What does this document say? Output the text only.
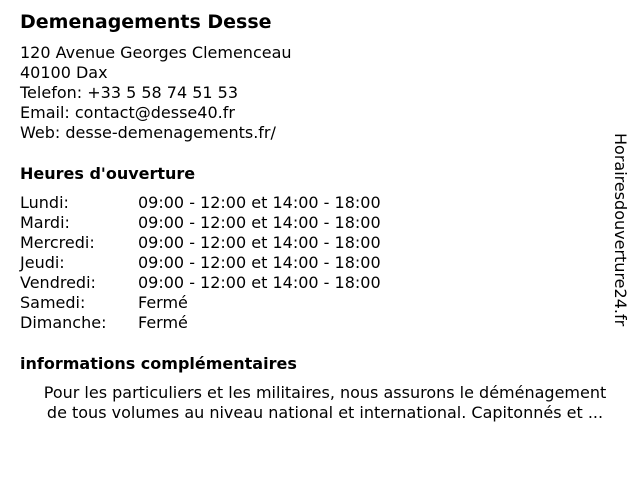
Demenagements Desse
120 Avenue Georges Clemenceau
40100 Dax
Telefon: +33 5 58 74 51 53
Email: contact@desse40.fr
Web: desse-demenagements.fr/
Heures d'ouverture
Lundi:	09:00 - 12:00 et 14:00 - 18:00
Mardi:	09:00 - 12:00 et 14:00 - 18:00
Mercredi:	09:00 - 12:00 et 14:00 - 18:00
Jeudi:	09:00 - 12:00 et 14:00 - 18:00
Vendredi:	09:00 - 12:00 et 14:00 - 18:00
Samedi:	Fermé
Dimanche:	Fermé
informations complémentaires
Pour les particuliers et les militaires, nous assurons le déménagement
de tous volumes au niveau national et international. Capitonnés et ...
Horairesdouverture24.fr
